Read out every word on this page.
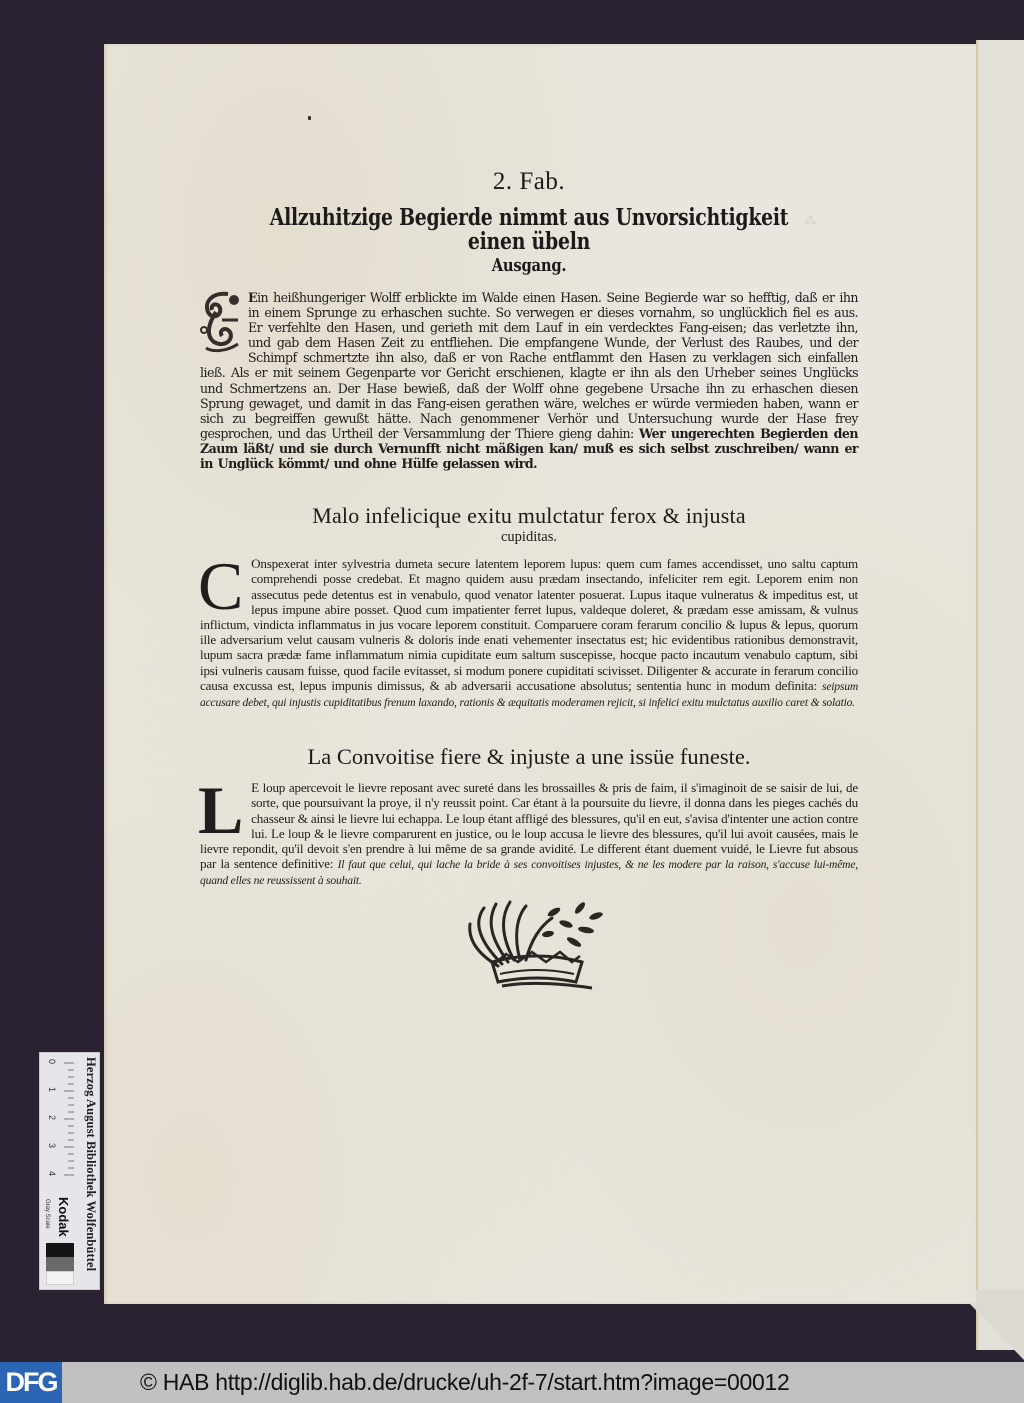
2. Fab.
Allzuhitzige Begierde nimmt aus Unvorsichtigkeit einen übeln
Ausgang.
Ein heißhungeriger Wolff erblickte im Walde einen Hasen. Seine Begierde war so hefftig, daß er ihn in einem Sprunge zu erhaschen suchte. So verwegen er dieses vornahm, so unglücklich fiel es aus. Er verfehlte den Hasen, und gerieth mit dem Lauf in ein verdecktes Fang-eisen; das verletzte ihn, und gab dem Hasen Zeit zu entfliehen. Die empfangene Wunde, der Verlust des Raubes, und der Schimpf schmertzte ihn also, daß er von Rache entflammt den Hasen zu verklagen sich einfallen ließ. Als er mit seinem Gegenparte vor Gericht erschienen, klagte er ihn als den Urheber seines Unglücks und Schmertzens an. Der Hase bewieß, daß der Wolff ohne gegebene Ursache ihn zu erhaschen diesen Sprung gewaget, und damit in das Fang-eisen gerathen wäre, welches er würde vermieden haben, wann er sich zu begreiffen gewußt hätte. Nach genommener Verhör und Untersuchung wurde der Hase frey gesprochen, und das Urtheil der Versammlung der Thiere gieng dahin: Wer ungerechten Begierden den Zaum läßt/ und sie durch Vernunfft nicht mäßigen kan/ muß es sich selbst zuschreiben/ wann er in Unglück kömmt/ und ohne Hülfe gelassen wird.
Malo infelicique exitu mulctatur ferox & injusta
cupiditas.
C Onspexerat inter sylvestria dumeta secure latentem leporem lupus: quem cum fames accendisset, uno saltu captum comprehendi posse credebat. Et magno quidem ausu prædam insectando, infeliciter rem egit. Leporem enim non assecutus pede detentus est in venabulo, quod venator latenter posuerat. Lupus itaque vulneratus & impeditus est, ut lepus impune abire posset. Quod cum impatienter ferret lupus, valdeque doleret, & prædam esse amissam, & vulnus inflictum, vindicta inflammatus in jus vocare leporem constituit. Comparuere coram ferarum concilio & lupus & lepus, quorum ille adversarium velut causam vulneris & doloris inde enati vehementer insectatus est; hic evidentibus rationibus demonstravit, lupum sacra prædæ fame inflammatum nimia cupiditate eum saltum suscepisse, hocque pacto incautum venabulo captum, sibi ipsi vulneris causam fuisse, quod facile evitasset, si modum ponere cupiditati scivisset. Diligenter & accurate in ferarum concilio causa excussa est, lepus impunis dimissus, & ab adversarii accusatione absolutus; sententia hunc in modum definita: seipsum accusare debet, qui injustis cupiditatibus frenum laxando, rationis & æquitatis moderamen rejicit, si infelici exitu mulctatus auxilio caret & solatio.
La Convoitise fiere & injuste a une issüe funeste.
L E loup apercevoit le lievre reposant avec sureté dans les brossailles & pris de faim, il s'imaginoit de se saisir de lui, de sorte, que poursuivant la proye, il n'y reussit point. Car étant à la poursuite du lievre, il donna dans les pieges cachés du chasseur & ainsi le lievre lui echappa. Le loup étant affligé des blessures, qu'il en eut, s'avisa d'intenter une action contre lui. Le loup & le lievre comparurent en justice, ou le loup accusa le lievre des blessures, qu'il lui avoit causées, mais le lievre repondit, qu'il devoit s'en prendre à lui même de sa grande avidité. Le different étant duement vuidé, le Lievre fut absous par la sentence definitive: Il faut que celui, qui lache la bride à ses convoitises injustes, & ne les modere par la raison, s'accuse lui-même, quand elles ne reussissent à souhait.
⁂
0
1
2
3
4
Kodak
Gray Scale	Herzog August Bibliothek Wolfenbüttel
DFG	© HAB http://diglib.hab.de/drucke/uh-2f-7/start.htm?image=00012
